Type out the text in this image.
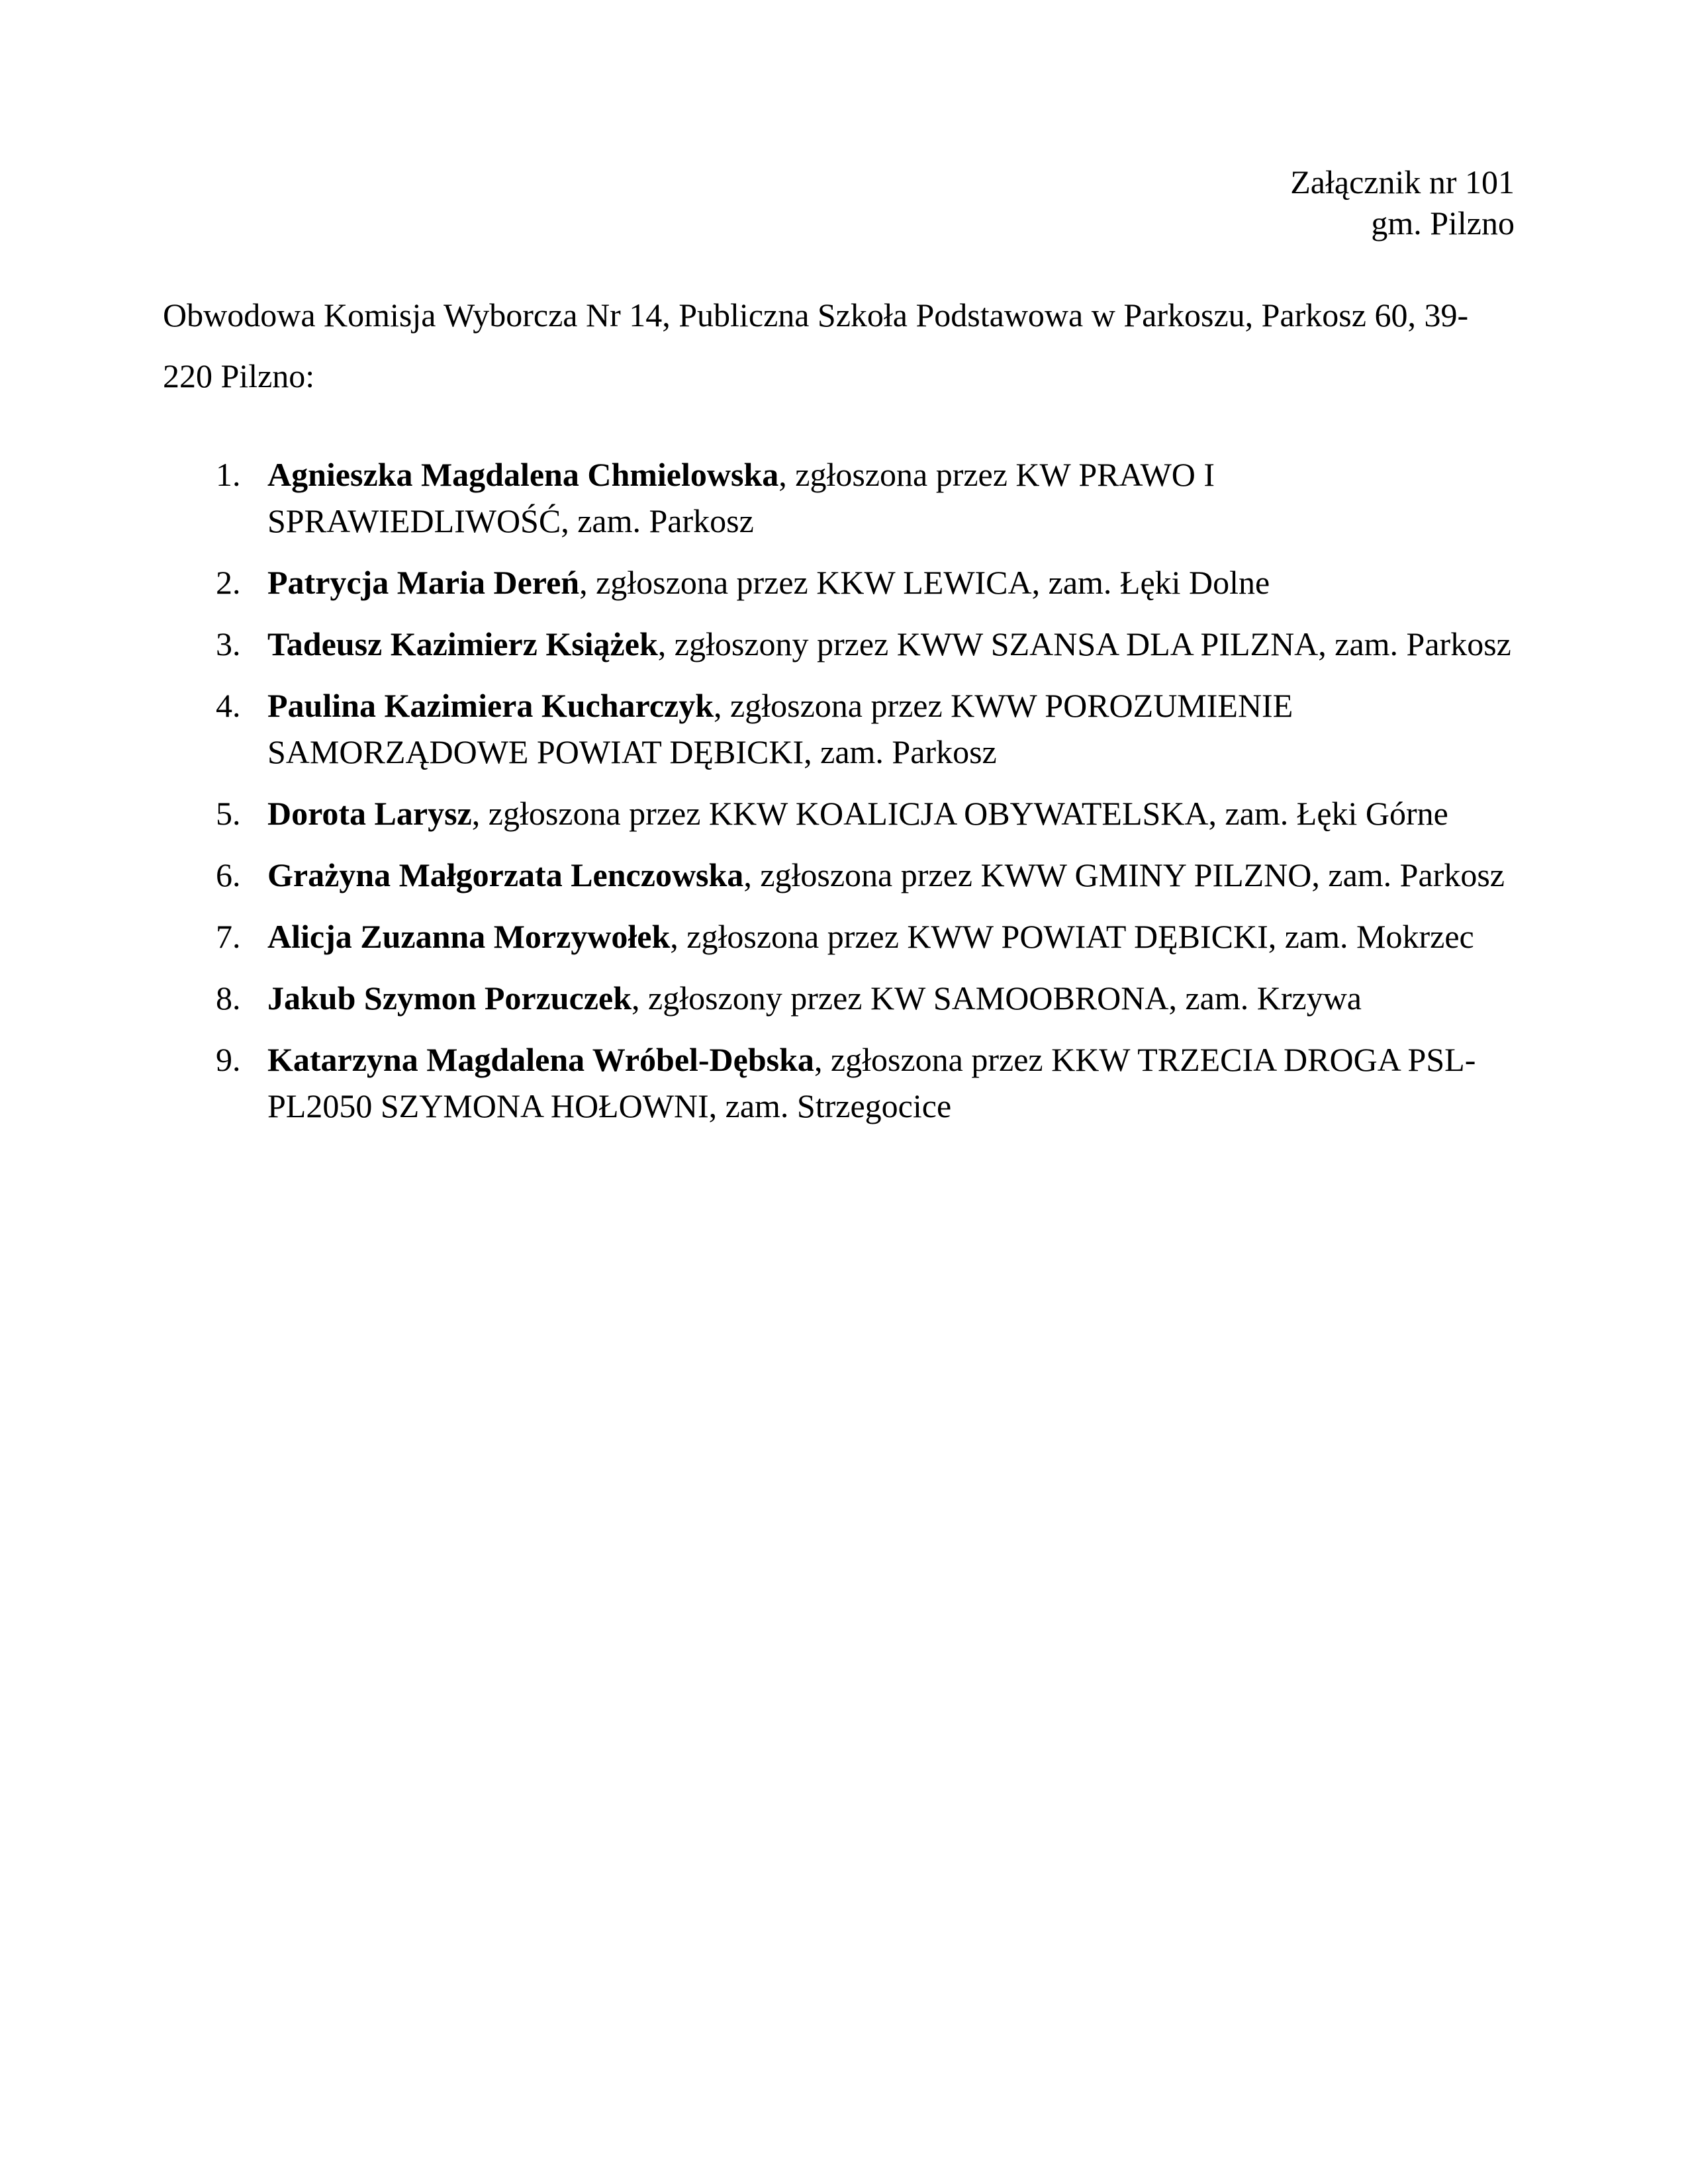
Załącznik nr 101
gm. Pilzno

Obwodowa Komisja Wyborcza Nr 14, Publiczna Szkoła Podstawowa w Parkoszu, Parkosz 60, 39-220 Pilzno:

1. Agnieszka Magdalena Chmielowska, zgłoszona przez KW PRAWO I SPRAWIEDLIWOŚĆ, zam. Parkosz
2. Patrycja Maria Dereń, zgłoszona przez KKW LEWICA, zam. Łęki Dolne
3. Tadeusz Kazimierz Książek, zgłoszony przez KWW SZANSA DLA PILZNA, zam. Parkosz
4. Paulina Kazimiera Kucharczyk, zgłoszona przez KWW POROZUMIENIE SAMORZĄDOWE POWIAT DĘBICKI, zam. Parkosz
5. Dorota Larysz, zgłoszona przez KKW KOALICJA OBYWATELSKA, zam. Łęki Górne
6. Grażyna Małgorzata Lenczowska, zgłoszona przez KWW GMINY PILZNO, zam. Parkosz
7. Alicja Zuzanna Morzywołek, zgłoszona przez KWW POWIAT DĘBICKI, zam. Mokrzec
8. Jakub Szymon Porzuczek, zgłoszony przez KW SAMOOBRONA, zam. Krzywa
9. Katarzyna Magdalena Wróbel-Dębska, zgłoszona przez KKW TRZECIA DROGA PSL-PL2050 SZYMONA HOŁOWNI, zam. Strzegocice
